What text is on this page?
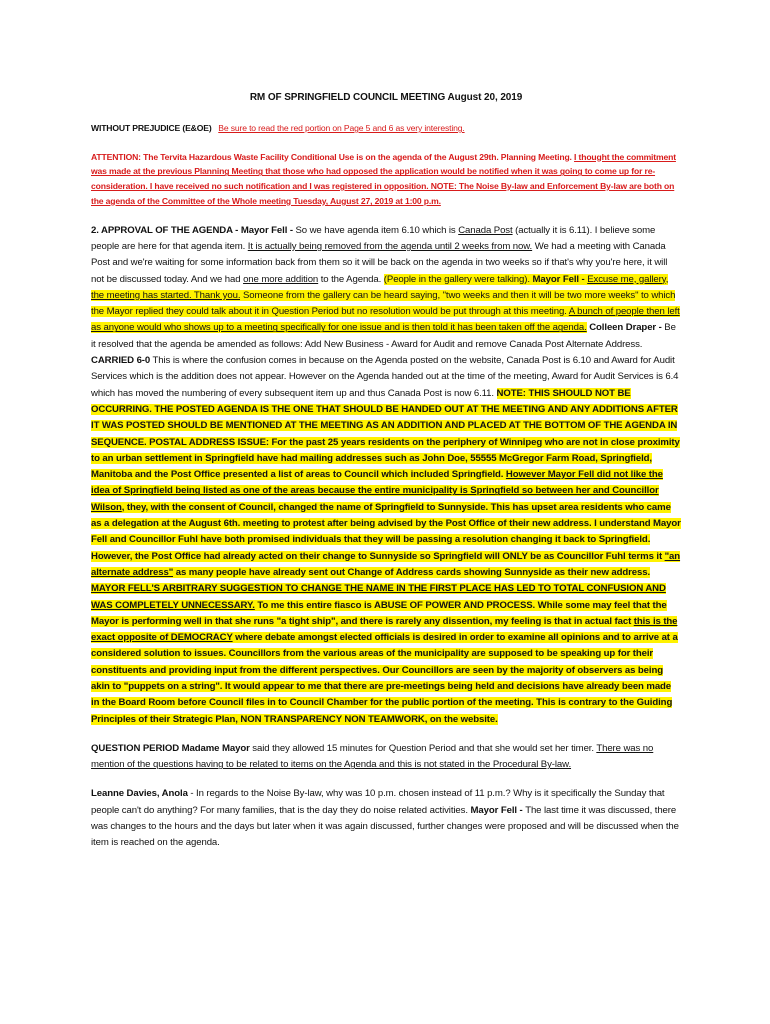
RM OF SPRINGFIELD COUNCIL MEETING August 20, 2019

WITHOUT PREJUDICE (E&OE) Be sure to read the red portion on Page 5 and 6 as very interesting.

ATTENTION: The Tervita Hazardous Waste Facility Conditional Use is on the agenda of the August 29th. Planning Meeting. I thought the commitment was made at the previous Planning Meeting that those who had opposed the application would be notified when it was going to come up for re-consideration. I have received no such notification and I was registered in opposition. NOTE: The Noise By-law and Enforcement By-law are both on the agenda of the Committee of the Whole meeting Tuesday, August 27, 2019 at 1:00 p.m.

2. APPROVAL OF THE AGENDA - Mayor Fell - So we have agenda item 6.10 which is Canada Post (actually it is 6.11). I believe some people are here for that agenda item. It is actually being removed from the agenda until 2 weeks from now. We had a meeting with Canada Post and we're waiting for some information back from them so it will be back on the agenda in two weeks so if that's why you're here, it will not be discussed today. And we had one more addition to the Agenda. (People in the gallery were talking). Mayor Fell - Excuse me, gallery, the meeting has started. Thank you. Someone from the gallery can be heard saying, "two weeks and then it will be two more weeks" to which the Mayor replied they could talk about it in Question Period but no resolution would be put through at this meeting. A bunch of people then left as anyone would who shows up to a meeting specifically for one issue and is then told it has been taken off the agenda. Colleen Draper - Be it resolved that the agenda be amended as follows: Add New Business - Award for Audit and remove Canada Post Alternate Address. CARRIED 6-0 This is where the confusion comes in because on the Agenda posted on the website, Canada Post is 6.10 and Award for Audit Services which is the addition does not appear. However on the Agenda handed out at the time of the meeting, Award for Audit Services is 6.4 which has moved the numbering of every subsequent item up and thus Canada Post is now 6.11. NOTE: THIS SHOULD NOT BE OCCURRING. THE POSTED AGENDA IS THE ONE THAT SHOULD BE HANDED OUT AT THE MEETING AND ANY ADDITIONS AFTER IT WAS POSTED SHOULD BE MENTIONED AT THE MEETING AS AN ADDITION AND PLACED AT THE BOTTOM OF THE AGENDA IN SEQUENCE. POSTAL ADDRESS ISSUE: For the past 25 years residents on the periphery of Winnipeg who are not in close proximity to an urban settlement in Springfield have had mailing addresses such as John Doe, 55555 McGregor Farm Road, Springfield, Manitoba and the Post Office presented a list of areas to Council which included Springfield. However Mayor Fell did not like the idea of Springfield being listed as one of the areas because the entire municipality is Springfield so between her and Councillor Wilson, they, with the consent of Council, changed the name of Springfield to Sunnyside. This has upset area residents who came as a delegation at the August 6th. meeting to protest after being advised by the Post Office of their new address. I understand Mayor Fell and Councillor Fuhl have both promised individuals that they will be passing a resolution changing it back to Springfield. However, the Post Office had already acted on their change to Sunnyside so Springfield will ONLY be as Councillor Fuhl terms it "an alternate address" as many people have already sent out Change of Address cards showing Sunnyside as their new address. MAYOR FELL'S ARBITRARY SUGGESTION TO CHANGE THE NAME IN THE FIRST PLACE HAS LED TO TOTAL CONFUSION AND WAS COMPLETELY UNNECESSARY. To me this entire fiasco is ABUSE OF POWER AND PROCESS. While some may feel that the Mayor is performing well in that she runs "a tight ship", and there is rarely any dissention, my feeling is that in actual fact this is the exact opposite of DEMOCRACY where debate amongst elected officials is desired in order to examine all opinions and to arrive at a considered solution to issues. Councillors from the various areas of the municipality are supposed to be speaking up for their constituents and providing input from the different perspectives. Our Councillors are seen by the majority of observers as being akin to "puppets on a string". It would appear to me that there are pre-meetings being held and decisions have already been made in the Board Room before Council files in to Council Chamber for the public portion of the meeting. This is contrary to the Guiding Principles of their Strategic Plan, NON TRANSPARENCY NON TEAMWORK, on the website.

QUESTION PERIOD Madame Mayor said they allowed 15 minutes for Question Period and that she would set her timer. There was no mention of the questions having to be related to items on the Agenda and this is not stated in the Procedural By-law.

Leanne Davies, Anola - In regards to the Noise By-law, why was 10 p.m. chosen instead of 11 p.m.? Why is it specifically the Sunday that people can't do anything? For many families, that is the day they do noise related activities. Mayor Fell - The last time it was discussed, there was changes to the hours and the days but later when it was again discussed, further changes were proposed and will be discussed when the item is reached on the agenda.
